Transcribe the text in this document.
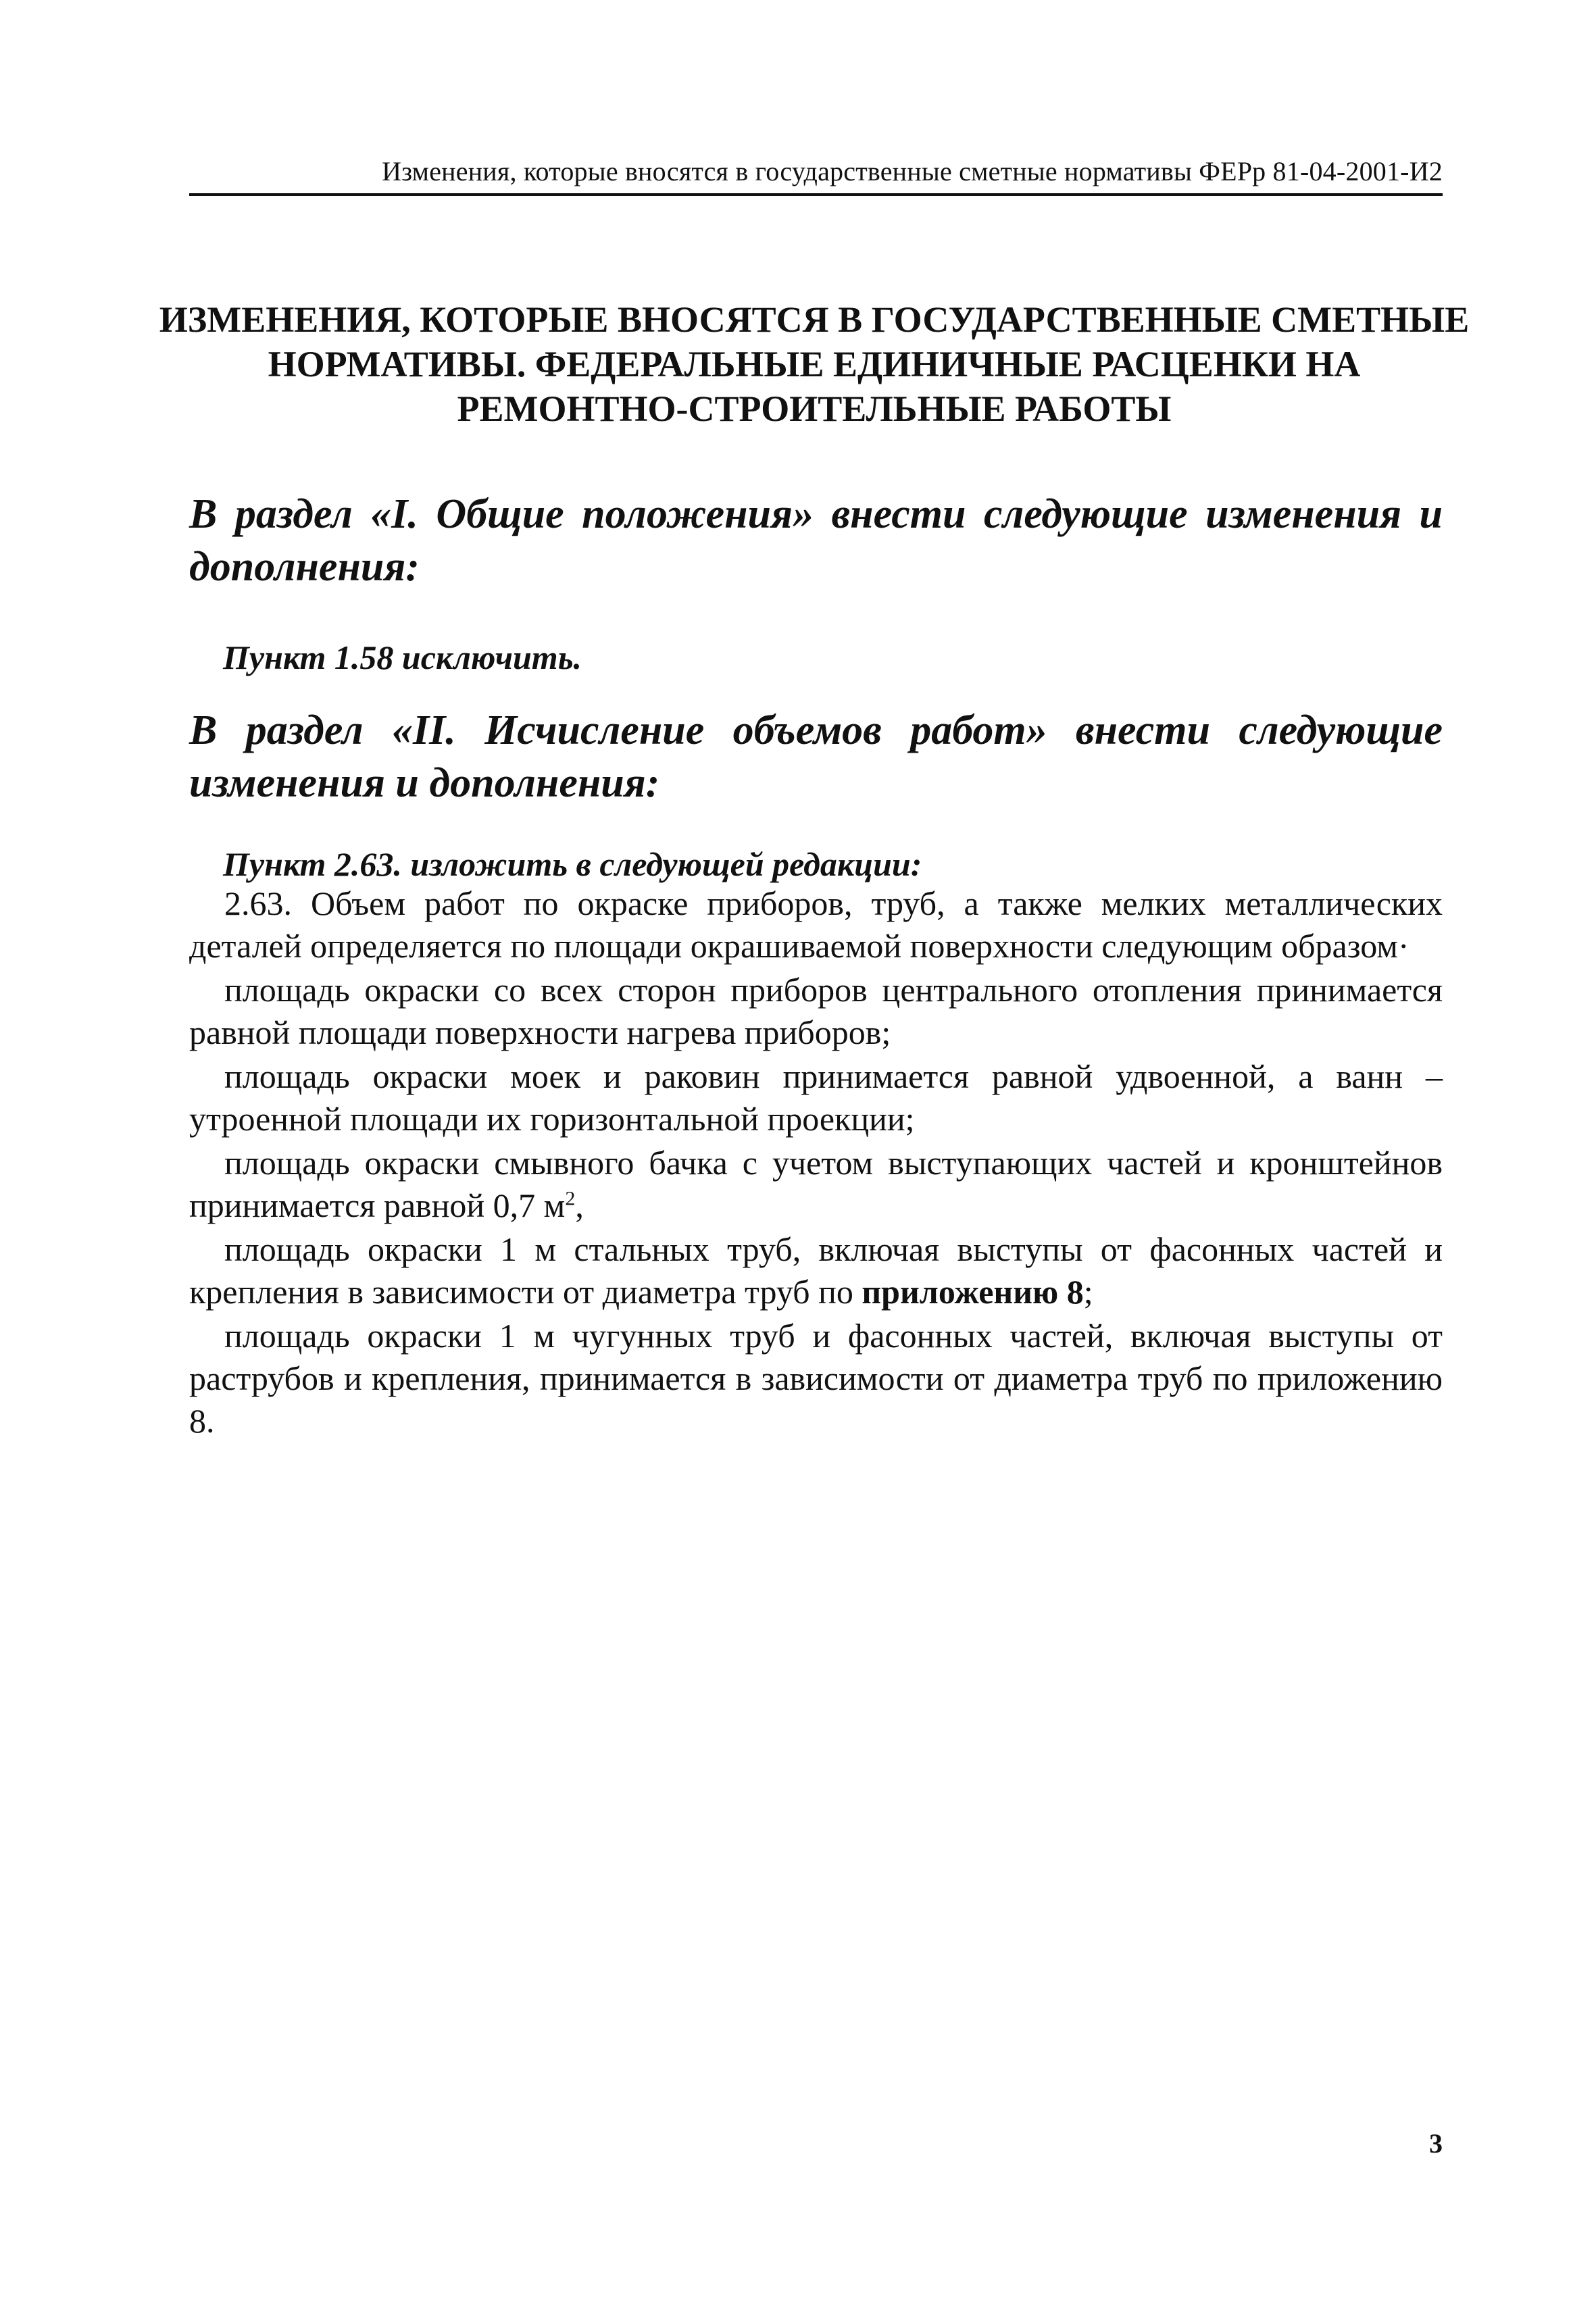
Изменения, которые вносятся в государственные сметные нормативы ФЕРр 81-04-2001-И2
ИЗМЕНЕНИЯ, КОТОРЫЕ ВНОСЯТСЯ В ГОСУДАРСТВЕННЫЕ СМЕТНЫЕ
НОРМАТИВЫ. ФЕДЕРАЛЬНЫЕ ЕДИНИЧНЫЕ РАСЦЕНКИ НА
РЕМОНТНО-СТРОИТЕЛЬНЫЕ РАБОТЫ
В раздел «I. Общие положения» внести следующие изменения и дополнения:
Пункт 1.58 исключить.
В раздел «II. Исчисление объемов работ» внести следующие изменения и дополнения:
Пункт 2.63. изложить в следующей редакции:

2.63. Объем работ по окраске приборов, труб, а также мелких металлических деталей определяется по площади окрашиваемой поверхности следующим образом·

площадь окраски со всех сторон приборов центрального отопления принимается равной площади поверхности нагрева приборов;

площадь окраски моек и раковин принимается равной удвоенной, а ванн – утроенной площади их горизонтальной проекции;

площадь окраски смывного бачка с учетом выступающих частей и кронштейнов принимается равной 0,7 $м^2$,

площадь окраски 1 м стальных труб, включая выступы от фасонных частей и крепления в зависимости от диаметра труб по приложению 8;

площадь окраски 1 м чугунных труб и фасонных частей, включая выступы от раструбов и крепления, принимается в зависимости от диаметра труб по приложению 8.

3
